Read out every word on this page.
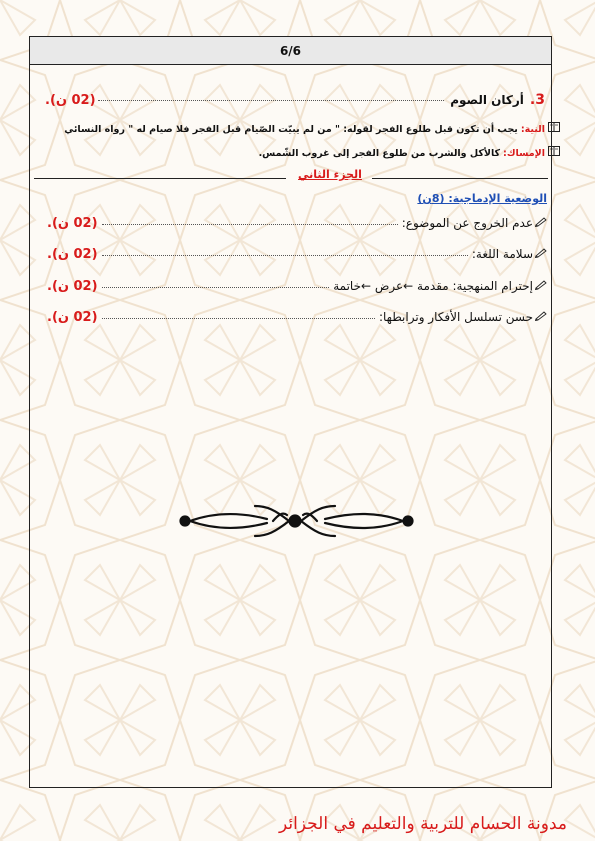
6/6
3.
أركان الصوم
(02 ن).
النية:
يجب أن تكون قبل طلوع الفجر لقوله: " من لم يبيّت الصّيام قبل الفجر فلا صيام له " رواه النسائي
الإمساك:
كالأكل والشرب من طلوع الفجر إلى غروب الشّمس.
الجزء الثاني
الوضعية الإدماجية: (8ن)
عدم الخروج عن الموضوع:
(02 ن).
سلامة اللغة:
(02 ن).
إحترام المنهجية: مقدمة ←عرض ←خاتمة
(02 ن).
حسن تسلسل الأفكار وترابطها:
(02 ن).
مدونة الحسام للتربية والتعليم في الجزائر
